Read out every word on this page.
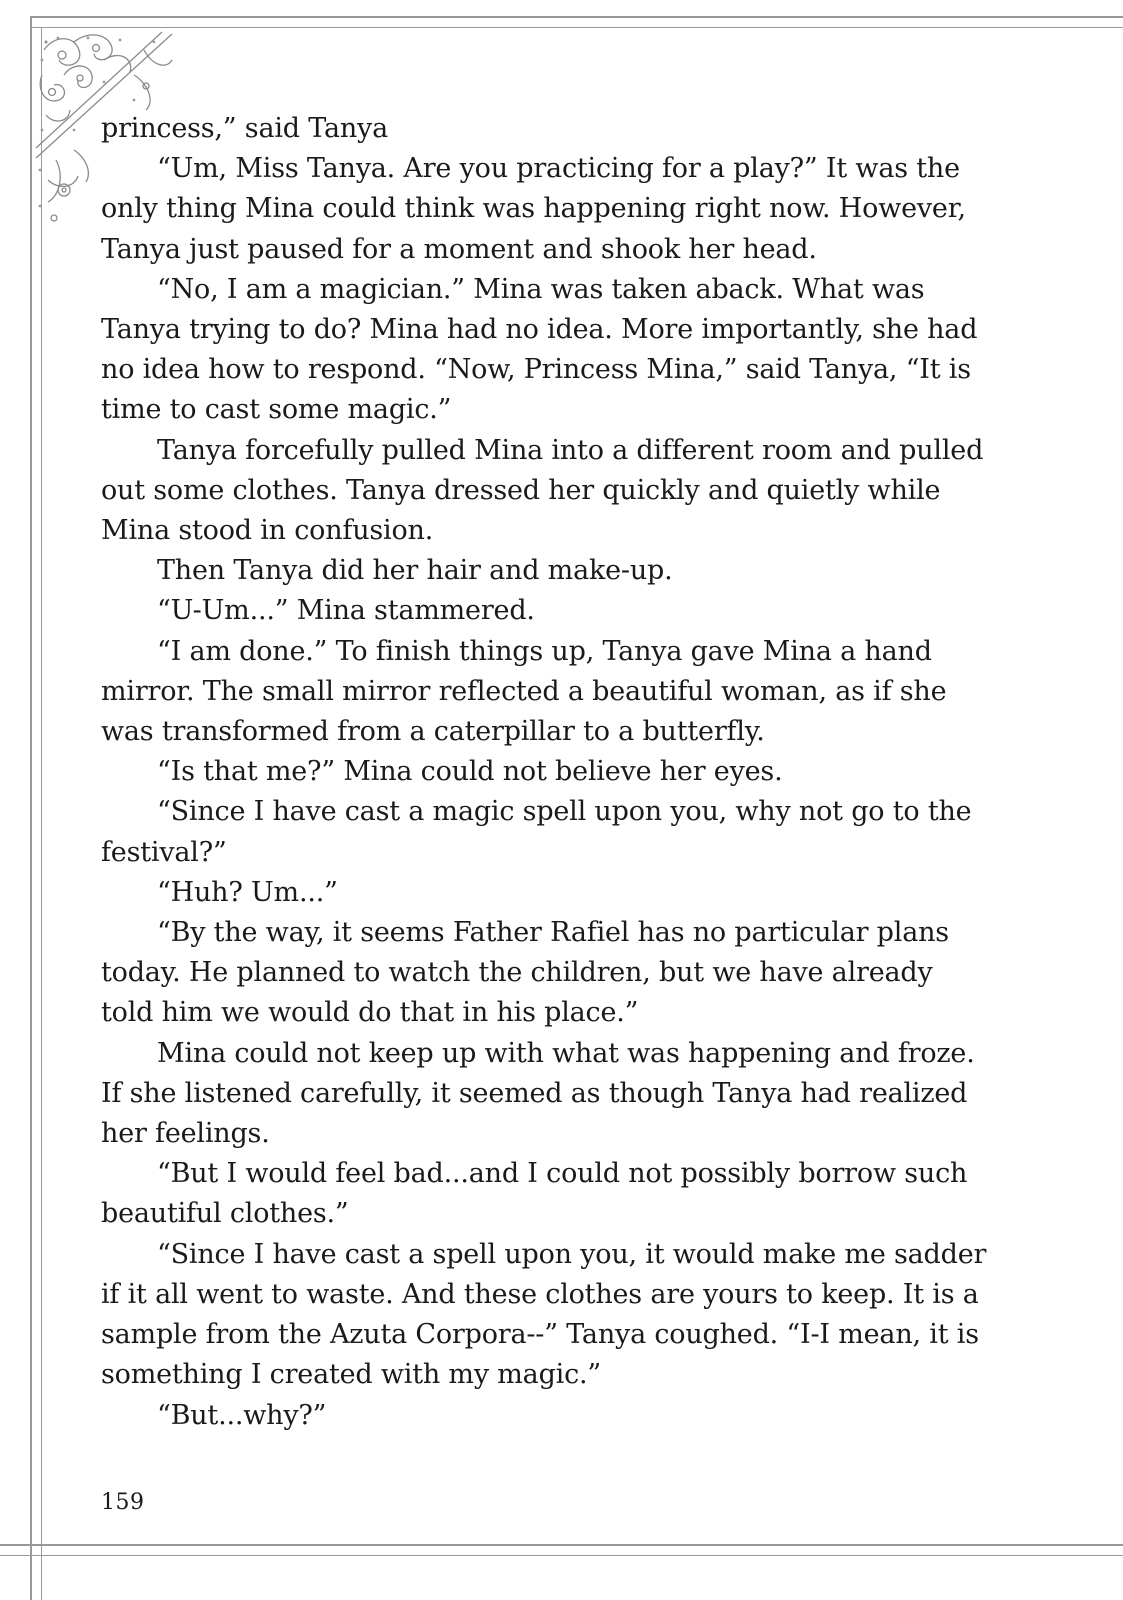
princess,” said Tanya

“Um, Miss Tanya. Are you practicing for a play?” It was the only thing Mina could think was happening right now. However, Tanya just paused for a moment and shook her head.

“No, I am a magician.” Mina was taken aback. What was Tanya trying to do? Mina had no idea. More importantly, she had no idea how to respond. “Now, Princess Mina,” said Tanya, “It is time to cast some magic.”

Tanya forcefully pulled Mina into a different room and pulled out some clothes. Tanya dressed her quickly and quietly while Mina stood in confusion.

Then Tanya did her hair and make-up.

“U-Um...” Mina stammered.

“I am done.” To finish things up, Tanya gave Mina a hand mirror. The small mirror reflected a beautiful woman, as if she was transformed from a caterpillar to a butterfly.

“Is that me?” Mina could not believe her eyes.

“Since I have cast a magic spell upon you, why not go to the festival?”

“Huh? Um...”

“By the way, it seems Father Rafiel has no particular plans today. He planned to watch the children, but we have already told him we would do that in his place.”

Mina could not keep up with what was happening and froze. If she listened carefully, it seemed as though Tanya had realized her feelings.

“But I would feel bad...and I could not possibly borrow such beautiful clothes.”

“Since I have cast a spell upon you, it would make me sadder if it all went to waste. And these clothes are yours to keep. It is a sample from the Azuta Corpora--” Tanya coughed. “I-I mean, it is something I created with my magic.”

“But...why?”

159
